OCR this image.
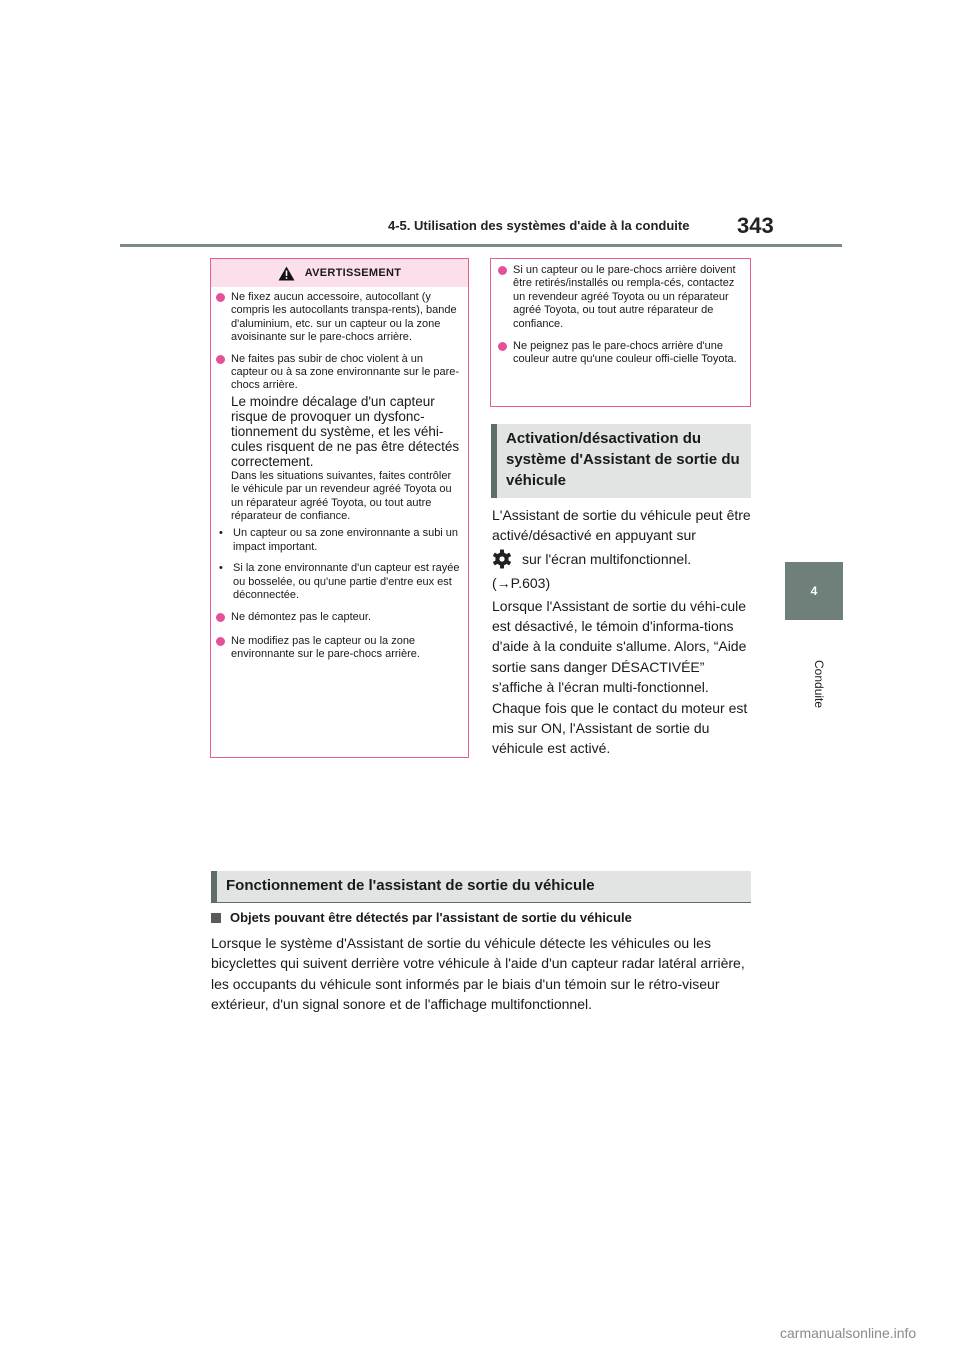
4-5. Utilisation des systèmes d'aide à la conduite 343
4
Conduite
AVERTISSEMENT
Ne fixez aucun accessoire, autocollant (y compris les autocollants transpa-rents), bande d'aluminium, etc. sur un capteur ou la zone avoisinante sur le pare-chocs arrière.
Ne faites pas subir de choc violent à un capteur ou à sa zone environnante sur le pare-chocs arrière.
Le moindre décalage d'un capteur risque de provoquer un dysfonc-tionnement du système, et les véhi-cules risquent de ne pas être détectés correctement.
Dans les situations suivantes, faites contrôler le véhicule par un revendeur agréé Toyota ou un réparateur agréé Toyota, ou tout autre réparateur de confiance.
• Un capteur ou sa zone environnante a subi un impact important.
• Si la zone environnante d'un capteur est rayée ou bosselée, ou qu'une partie d'entre eux est déconnectée.
Ne démontez pas le capteur.
Ne modifiez pas le capteur ou la zone environnante sur le pare-chocs arrière.
Si un capteur ou le pare-chocs arrière doivent être retirés/installés ou rempla-cés, contactez un revendeur agréé Toyota ou un réparateur agréé Toyota, ou tout autre réparateur de confiance.
Ne peignez pas le pare-chocs arrière d'une couleur autre qu'une couleur offi-cielle Toyota.
Activation/désactivation du système d'Assistant de sortie du véhicule

L'Assistant de sortie du véhicule peut être activé/désactivé en appuyant sur

sur l'écran multifonctionnel.

(→P.603)

Lorsque l'Assistant de sortie du véhi-cule est désactivé, le témoin d'informa-tions d'aide à la conduite s'allume. Alors, “Aide sortie sans danger DÉSACTIVÉE” s'affiche à l'écran multi-fonctionnel. Chaque fois que le contact du moteur est mis sur ON, l'Assistant de sortie du véhicule est activé.

Fonctionnement de l'assistant de sortie du véhicule
Objets pouvant être détectés par l'assistant de sortie du véhicule
Lorsque le système d'Assistant de sortie du véhicule détecte les véhicules ou les bicyclettes qui suivent derrière votre véhicule à l'aide d'un capteur radar latéral arrière, les occupants du véhicule sont informés par le biais d'un témoin sur le rétro-viseur extérieur, d'un signal sonore et de l'affichage multifonctionnel.
carmanualsonline.info
